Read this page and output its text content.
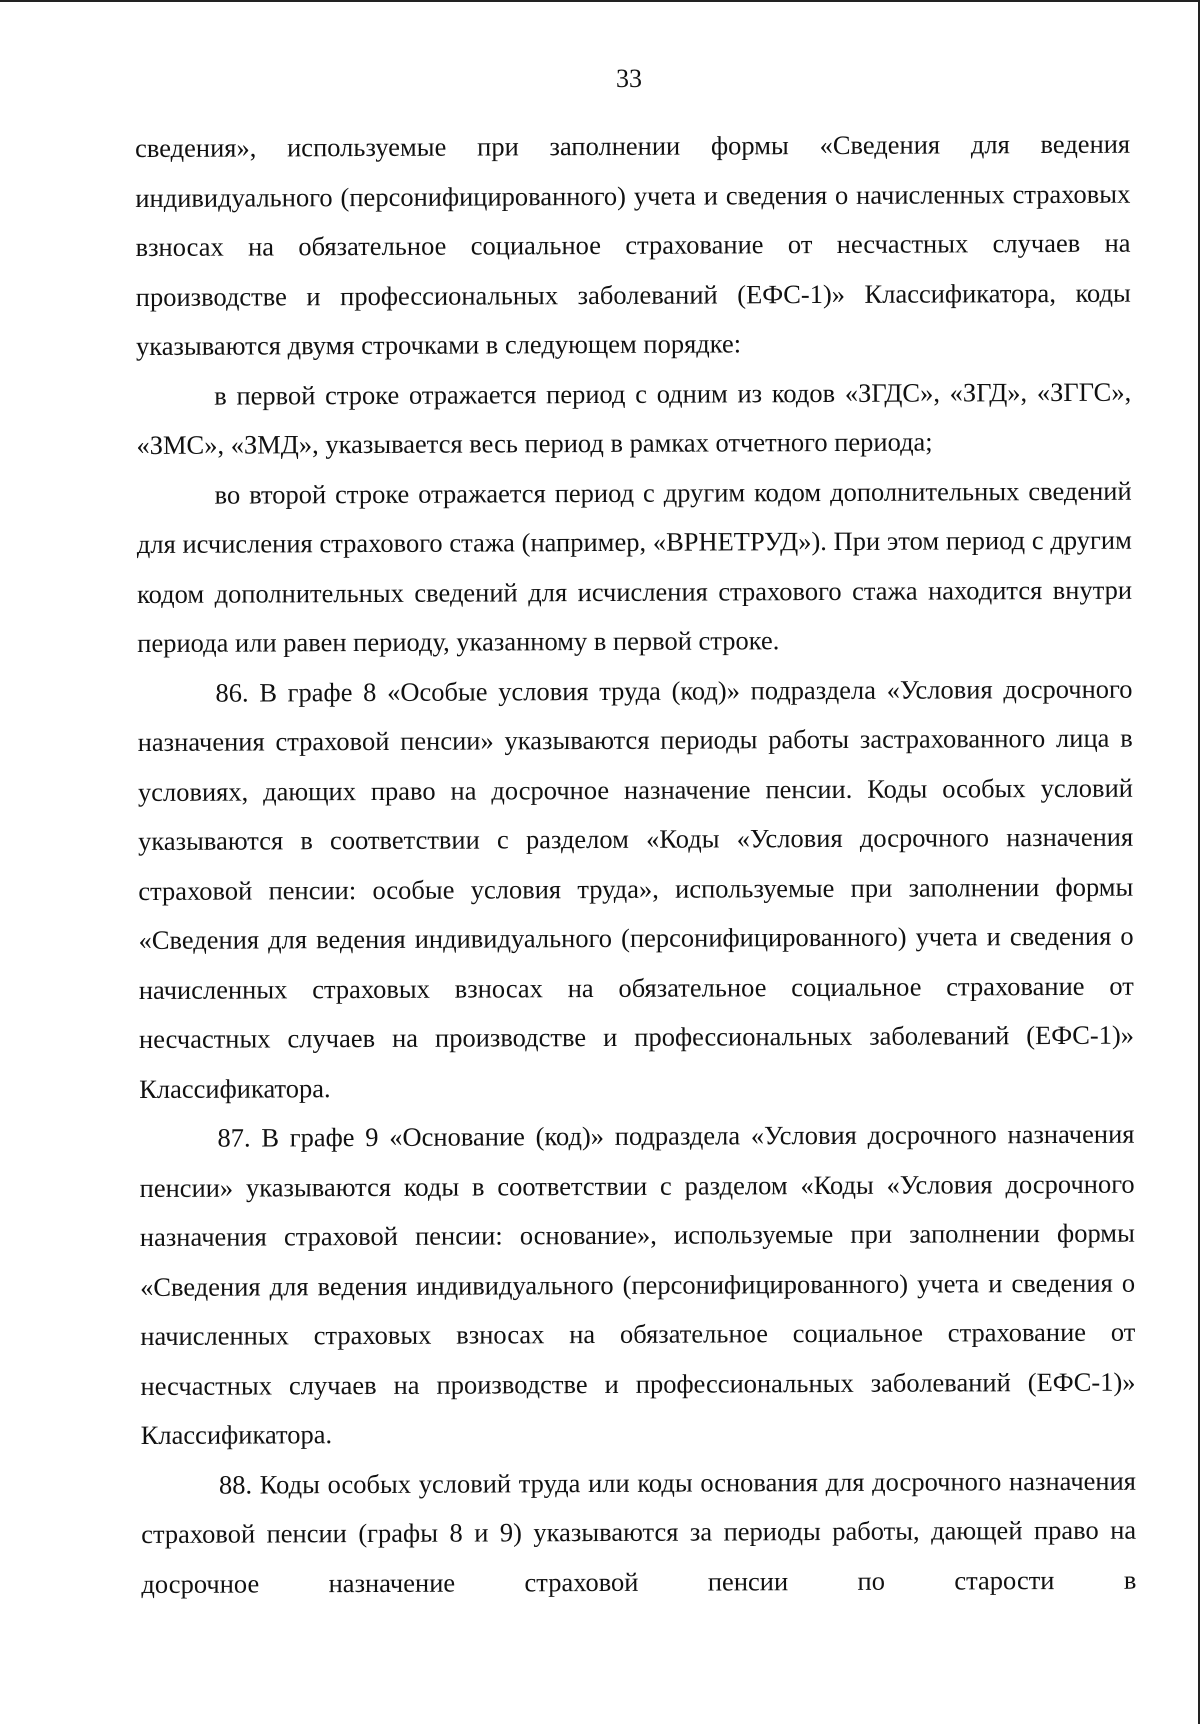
33

сведения», используемые при заполнении формы «Сведения для ведения индивидуального (персонифицированного) учета и сведения о начисленных страховых взносах на обязательное социальное страхование от несчастных случаев на производстве и профессиональных заболеваний (ЕФС-1)» Классификатора, коды указываются двумя строчками в следующем порядке:

в первой строке отражается период с одним из кодов «ЗГДС», «ЗГД», «ЗГГС», «ЗМС», «ЗМД», указывается весь период в рамках отчетного периода;

во второй строке отражается период с другим кодом дополнительных сведений для исчисления страхового стажа (например, «ВРНЕТРУД»). При этом период с другим кодом дополнительных сведений для исчисления страхового стажа находится внутри периода или равен периоду, указанному в первой строке.

86. В графе 8 «Особые условия труда (код)» подраздела «Условия досрочного назначения страховой пенсии» указываются периоды работы застрахованного лица в условиях, дающих право на досрочное назначение пенсии. Коды особых условий указываются в соответствии с разделом «Коды «Условия досрочного назначения страховой пенсии: особые условия труда», используемые при заполнении формы «Сведения для ведения индивидуального (персонифицированного) учета и сведения о начисленных страховых взносах на обязательное социальное страхование от несчастных случаев на производстве и профессиональных заболеваний (ЕФС-1)» Классификатора.

87. В графе 9 «Основание (код)» подраздела «Условия досрочного назначения пенсии» указываются коды в соответствии с разделом «Коды «Условия досрочного назначения страховой пенсии: основание», используемые при заполнении формы «Сведения для ведения индивидуального (персонифицированного) учета и сведения о начисленных страховых взносах на обязательное социальное страхование от несчастных случаев на производстве и профессиональных заболеваний (ЕФС-1)» Классификатора.

88. Коды особых условий труда или коды основания для досрочного назначения страховой пенсии (графы 8 и 9) указываются за периоды работы, дающей право на досрочное назначение страховой пенсии по старости в
